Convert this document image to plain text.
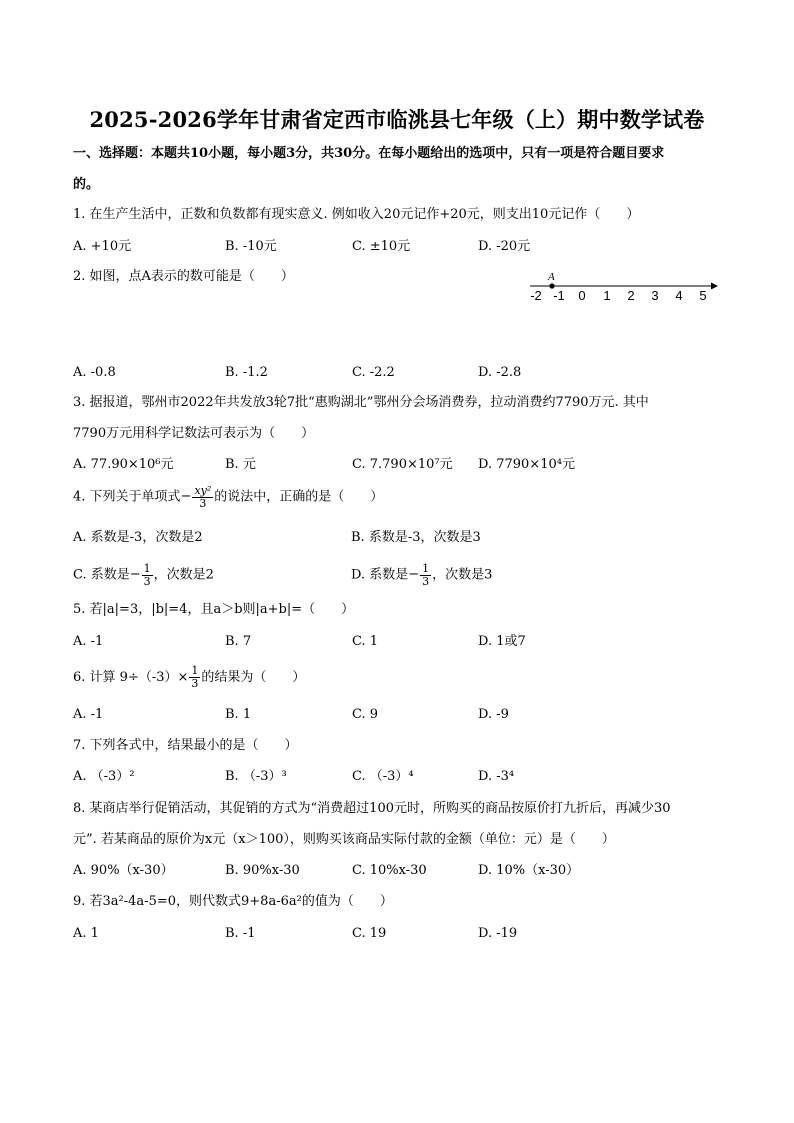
2025-2026学年甘肃省定西市临洮县七年级（上）期中数学试卷
一、选择题：本题共10小题，每小题3分，共30分。在每小题给出的选项中，只有一项是符合题目要求
的。
1. 在生产生活中，正数和负数都有现实意义. 例如收入20元记作+20元，则支出10元记作（　　）
A. +10元	B. -10元	C. ±10元	D. -20元
2. 如图，点A表示的数可能是（　　）	A
-2 -1 0 1 2 3 4 5
A. -0.8	B. -1.2	C. -2.2	D. -2.8
3. 据报道，鄂州市2022年共发放3轮7批“惠购湖北”鄂州分会场消费券，拉动消费约7790万元. 其中
7790万元用科学记数法可表示为（　　）
A. 77.90×10⁶元	B. 元	C. 7.790×10⁷元 D. 7790×10⁴元
4. 下列关于单项式− $\frac{\text{xy²}}{3}$ 的说法中，正确的是（　　）
A. 系数是-3，次数是2	B. 系数是-3，次数是3
C. 系数是− $\frac{1}{3}$ ，次数是2	D. 系数是− $\frac{1}{3}$ ，次数是3
5. 若|a|=3，|b|=4，且a＞b则|a+b|=（　　）
A. -1	B. 7	C. 1	D. 1或7
6. 计算 $9\div(-3)\times \frac{1}{3}$ 的结果为（　　）
A. -1	B. 1	C. 9	D. -9
7. 下列各式中，结果最小的是（　　）
A. （-3）²	B. （-3）³	C. （-3）⁴	D. -3⁴
8. 某商店举行促销活动，其促销的方式为“消费超过100元时，所购买的商品按原价打九折后，再减少30
元”. 若某商品的原价为x元（x＞100），则购买该商品实际付款的金额（单位：元）是（　　）
A. 90%（x-30）	B. 90%x-30	C. 10%x-30	D. 10%（x-30）
9. 若3a²-4a-5=0，则代数式9+8a-6a²的值为（　　）
A. 1	B. -1	C. 19	D. -19
